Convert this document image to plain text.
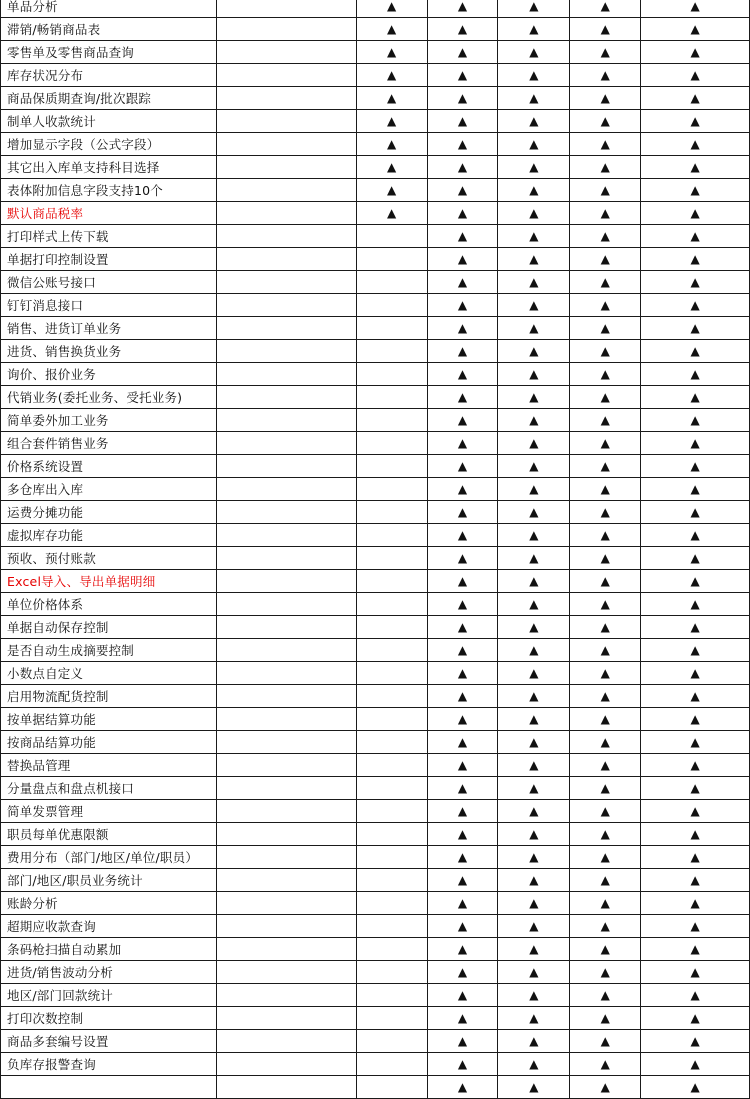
单品分析		▲	▲	▲	▲	▲
滞销/畅销商品表		▲	▲	▲	▲	▲
零售单及零售商品查询		▲	▲	▲	▲	▲
库存状况分布		▲	▲	▲	▲	▲
商品保质期查询/批次跟踪		▲	▲	▲	▲	▲
制单人收款统计		▲	▲	▲	▲	▲
增加显示字段（公式字段）		▲	▲	▲	▲	▲
其它出入库单支持科目选择		▲	▲	▲	▲	▲
表体附加信息字段支持10个		▲	▲	▲	▲	▲
默认商品税率		▲	▲	▲	▲	▲
打印样式上传下载			▲	▲	▲	▲
单据打印控制设置			▲	▲	▲	▲
微信公账号接口			▲	▲	▲	▲
钉钉消息接口			▲	▲	▲	▲
销售、进货订单业务			▲	▲	▲	▲
进货、销售换货业务			▲	▲	▲	▲
询价、报价业务			▲	▲	▲	▲
代销业务(委托业务、受托业务)			▲	▲	▲	▲
简单委外加工业务			▲	▲	▲	▲
组合套件销售业务			▲	▲	▲	▲
价格系统设置			▲	▲	▲	▲
多仓库出入库			▲	▲	▲	▲
运费分摊功能			▲	▲	▲	▲
虚拟库存功能			▲	▲	▲	▲
预收、预付账款			▲	▲	▲	▲
Excel导入、导出单据明细			▲	▲	▲	▲
单位价格体系			▲	▲	▲	▲
单据自动保存控制			▲	▲	▲	▲
是否自动生成摘要控制			▲	▲	▲	▲
小数点自定义			▲	▲	▲	▲
启用物流配货控制			▲	▲	▲	▲
按单据结算功能			▲	▲	▲	▲
按商品结算功能			▲	▲	▲	▲
替换品管理			▲	▲	▲	▲
分量盘点和盘点机接口			▲	▲	▲	▲
简单发票管理			▲	▲	▲	▲
职员每单优惠限额			▲	▲	▲	▲
费用分布（部门/地区/单位/职员）			▲	▲	▲	▲
部门/地区/职员业务统计			▲	▲	▲	▲
账龄分析			▲	▲	▲	▲
超期应收款查询			▲	▲	▲	▲
条码枪扫描自动累加			▲	▲	▲	▲
进货/销售波动分析			▲	▲	▲	▲
地区/部门回款统计			▲	▲	▲	▲
打印次数控制			▲	▲	▲	▲
商品多套编号设置			▲	▲	▲	▲
负库存报警查询			▲	▲	▲	▲
			▲	▲	▲	▲
